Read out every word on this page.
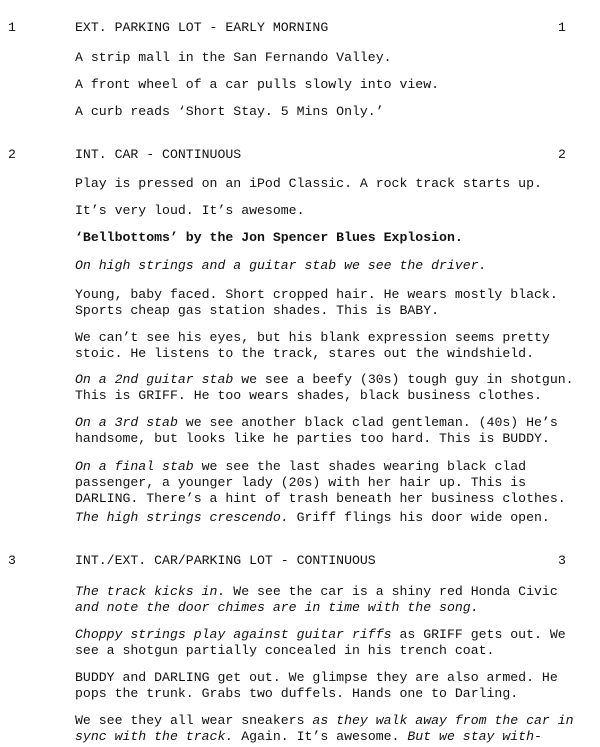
1	EXT. PARKING LOT - EARLY MORNING	1

A strip mall in the San Fernando Valley.

A front wheel of a car pulls slowly into view.

A curb reads ‘Short Stay. 5 Mins Only.’

2	INT. CAR - CONTINUOUS	2

Play is pressed on an iPod Classic. A rock track starts up.

It’s very loud. It’s awesome.

‘Bellbottoms’ by the Jon Spencer Blues Explosion.

On high strings and a guitar stab we see the driver.

Young, baby faced. Short cropped hair. He wears mostly black.
Sports cheap gas station shades. This is BABY.

We can’t see his eyes, but his blank expression seems pretty
stoic. He listens to the track, stares out the windshield.

On a 2nd guitar stab we see a beefy (30s) tough guy in shotgun.
This is GRIFF. He too wears shades, black business clothes.

On a 3rd stab we see another black clad gentleman. (40s) He’s
handsome, but looks like he parties too hard. This is BUDDY.

On a final stab we see the last shades wearing black clad
passenger, a younger lady (20s) with her hair up. This is
DARLING. There’s a hint of trash beneath her business clothes.

The high strings crescendo. Griff flings his door wide open.

3	INT./EXT. CAR/PARKING LOT - CONTINUOUS	3

The track kicks in. We see the car is a shiny red Honda Civic
and note the door chimes are in time with the song.

Choppy strings play against guitar riffs as GRIFF gets out. We
see a shotgun partially concealed in his trench coat.

BUDDY and DARLING get out. We glimpse they are also armed. He
pops the trunk. Grabs two duffels. Hands one to Darling.

We see they all wear sneakers as they walk away from the car in
sync with the track. Again. It’s awesome. But we stay with-
